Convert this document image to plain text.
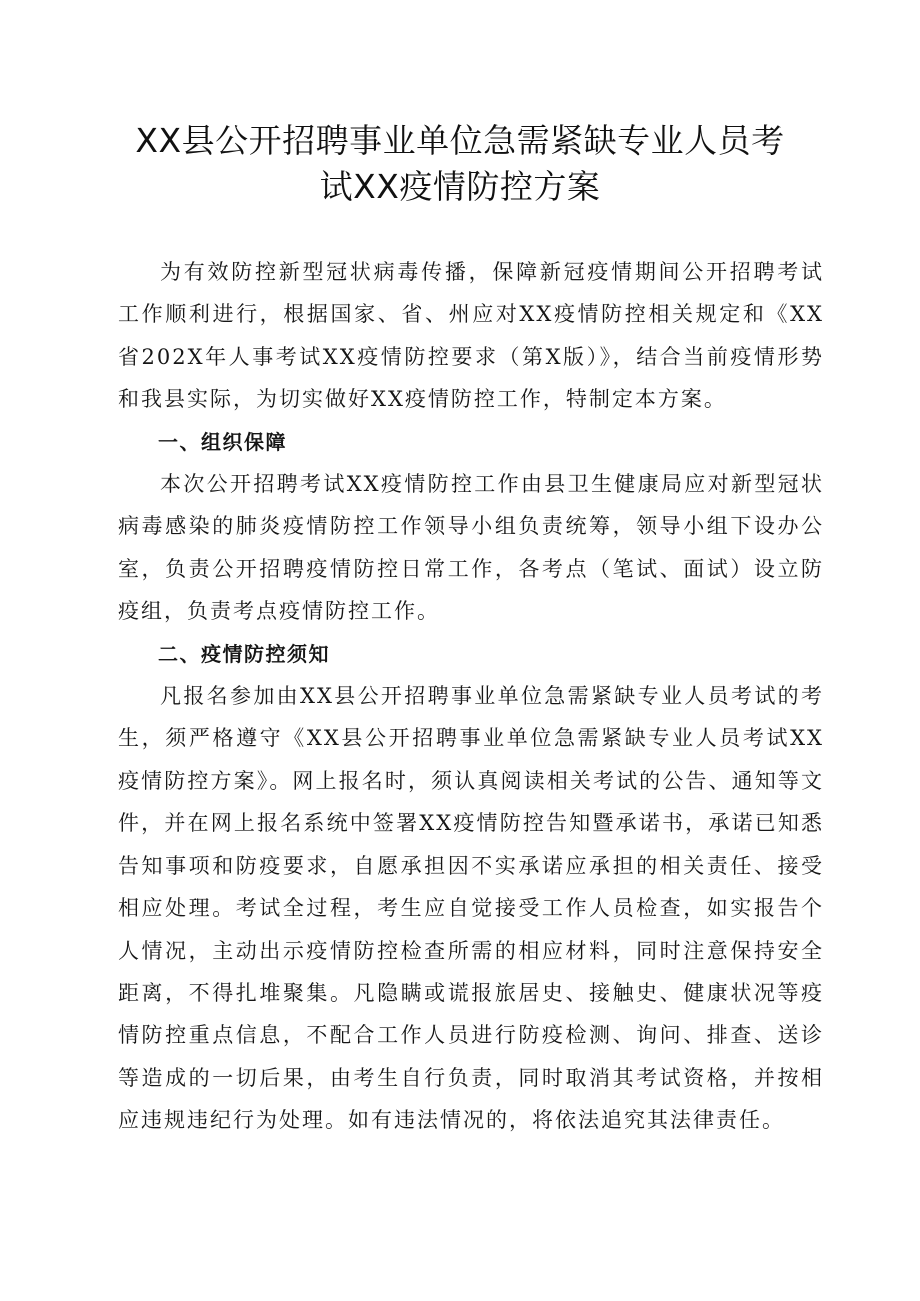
XX县公开招聘事业单位急需紧缺专业人员考
试XX疫情防控方案

为有效防控新型冠状病毒传播，保障新冠疫情期间公开招聘考试工作顺利进行，根据国家、省、州应对XX疫情防控相关规定和《XX省202X年人事考试XX疫情防控要求（第X版）》，结合当前疫情形势和我县实际，为切实做好XX疫情防控工作，特制定本方案。

一、组织保障

本次公开招聘考试XX疫情防控工作由县卫生健康局应对新型冠状病毒感染的肺炎疫情防控工作领导小组负责统筹，领导小组下设办公室，负责公开招聘疫情防控日常工作，各考点（笔试、面试）设立防疫组，负责考点疫情防控工作。

二、疫情防控须知

凡报名参加由XX县公开招聘事业单位急需紧缺专业人员考试的考生，须严格遵守《XX县公开招聘事业单位急需紧缺专业人员考试XX疫情防控方案》。网上报名时，须认真阅读相关考试的公告、通知等文件，并在网上报名系统中签署XX疫情防控告知暨承诺书，承诺已知悉告知事项和防疫要求，自愿承担因不实承诺应承担的相关责任、接受相应处理。考试全过程，考生应自觉接受工作人员检查，如实报告个人情况，主动出示疫情防控检查所需的相应材料，同时注意保持安全距离，不得扎堆聚集。凡隐瞒或谎报旅居史、接触史、健康状况等疫情防控重点信息，不配合工作人员进行防疫检测、询问、排查、送诊等造成的一切后果，由考生自行负责，同时取消其考试资格，并按相应违规违纪行为处理。如有违法情况的，将依法追究其法律责任。
